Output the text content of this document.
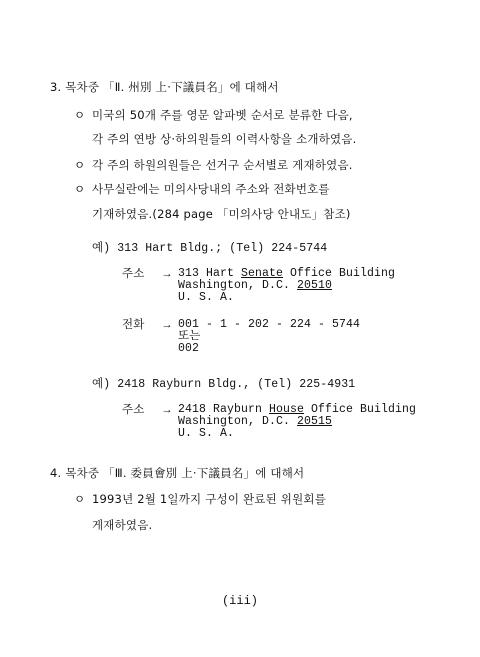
3. 목차중 「Ⅱ. 州別 上·下議員名」에 대해서
ㅇ 미국의 50개 주를 영문 알파벳 순서로 분류한 다음,
각 주의 연방 상·하의원들의 이력사항을 소개하였음.
ㅇ 각 주의 하원의원들은 선거구 순서별로 게재하였음.
ㅇ 사무실란에는 미의사당내의 주소와 전화번호를
기재하였음.(284 page 「미의사당 안내도」참조)
예) 313 Hart Bldg.; (Tel) 224-5744
주소 → 313 Hart Senate Office Building
Washington, D.C. 20510
U. S. A.
전화 → 001 - 1 - 202 - 224 - 5744
또는
002
예) 2418 Rayburn Bldg., (Tel) 225-4931
주소 → 2418 Rayburn House Office Building
Washington, D.C. 20515
U. S. A.
4. 목차중 「Ⅲ. 委員會別 上·下議員名」에 대해서
ㅇ 1993년 2월 1일까지 구성이 완료된 위원회를
게재하였음.
(iii)
